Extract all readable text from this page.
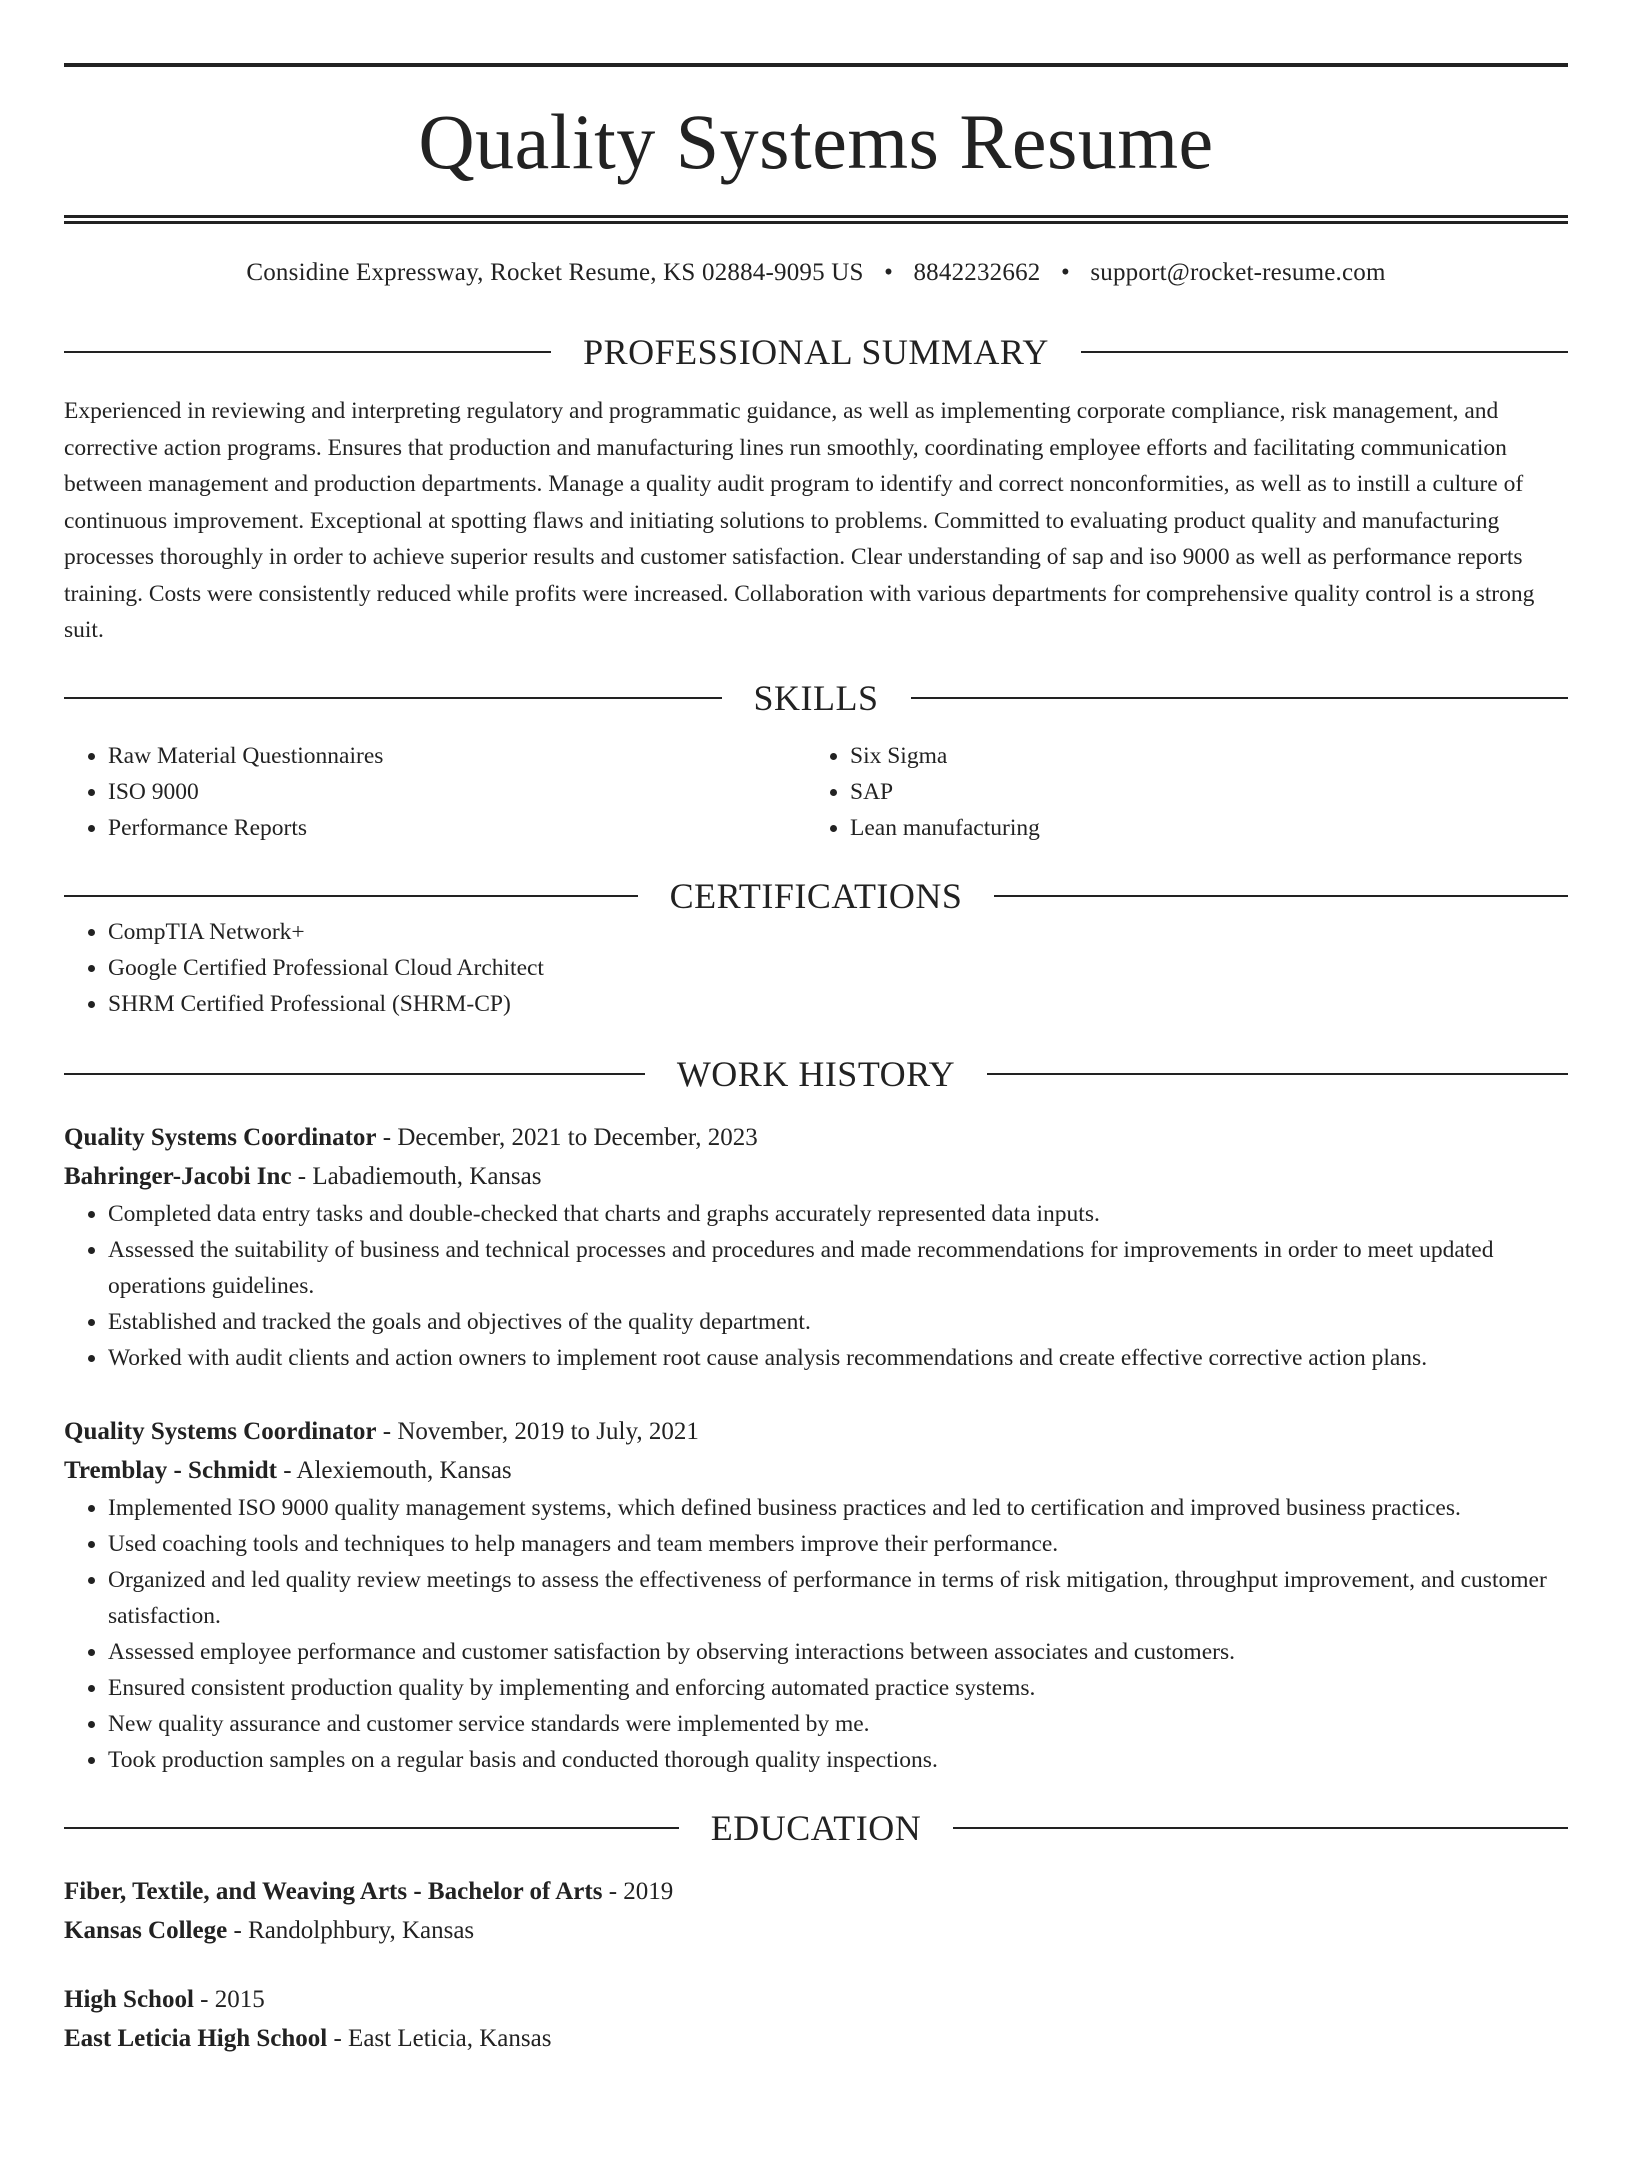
Quality Systems Resume
Considine Expressway, Rocket Resume, KS 02884-9095 US • 8842232662 • support@rocket-resume.com
PROFESSIONAL SUMMARY
Experienced in reviewing and interpreting regulatory and programmatic guidance, as well as implementing corporate compliance, risk management, and corrective action programs. Ensures that production and manufacturing lines run smoothly, coordinating employee efforts and facilitating communication between management and production departments. Manage a quality audit program to identify and correct nonconformities, as well as to instill a culture of continuous improvement. Exceptional at spotting flaws and initiating solutions to problems. Committed to evaluating product quality and manufacturing processes thoroughly in order to achieve superior results and customer satisfaction. Clear understanding of sap and iso 9000 as well as performance reports training. Costs were consistently reduced while profits were increased. Collaboration with various departments for comprehensive quality control is a strong suit.
SKILLS
• Raw Material Questionnaires
• ISO 9000
• Performance Reports
• Six Sigma
• SAP
• Lean manufacturing
CERTIFICATIONS
• CompTIA Network+
• Google Certified Professional Cloud Architect
• SHRM Certified Professional (SHRM-CP)
WORK HISTORY
Quality Systems Coordinator - December, 2021 to December, 2023
Bahringer-Jacobi Inc - Labadiemouth, Kansas
• Completed data entry tasks and double-checked that charts and graphs accurately represented data inputs.
• Assessed the suitability of business and technical processes and procedures and made recommendations for improvements in order to meet updated operations guidelines.
• Established and tracked the goals and objectives of the quality department.
• Worked with audit clients and action owners to implement root cause analysis recommendations and create effective corrective action plans.
Quality Systems Coordinator - November, 2019 to July, 2021
Tremblay - Schmidt - Alexiemouth, Kansas
• Implemented ISO 9000 quality management systems, which defined business practices and led to certification and improved business practices.
• Used coaching tools and techniques to help managers and team members improve their performance.
• Organized and led quality review meetings to assess the effectiveness of performance in terms of risk mitigation, throughput improvement, and customer satisfaction.
• Assessed employee performance and customer satisfaction by observing interactions between associates and customers.
• Ensured consistent production quality by implementing and enforcing automated practice systems.
• New quality assurance and customer service standards were implemented by me.
• Took production samples on a regular basis and conducted thorough quality inspections.
EDUCATION
Fiber, Textile, and Weaving Arts - Bachelor of Arts - 2019
Kansas College - Randolphbury, Kansas
High School - 2015
East Leticia High School - East Leticia, Kansas
